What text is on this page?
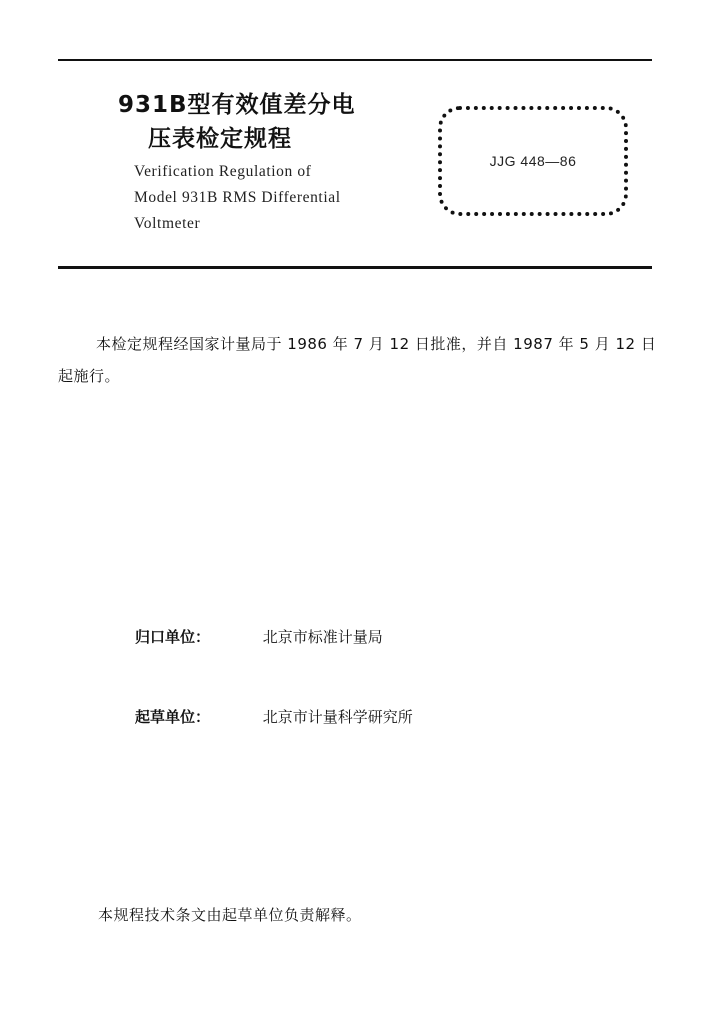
931B型有效值差分电
压表检定规程
Verification Regulation of
Model 931B RMS Differential
Voltmeter
JJG 448—86
本检定规程经国家计量局于 1986 年 7 月 12 日批准，并自 1987 年 5 月 12 日起施行。
归口单位：	北京市标准计量局
起草单位：	北京市计量科学研究所
本规程技术条文由起草单位负责解释。
